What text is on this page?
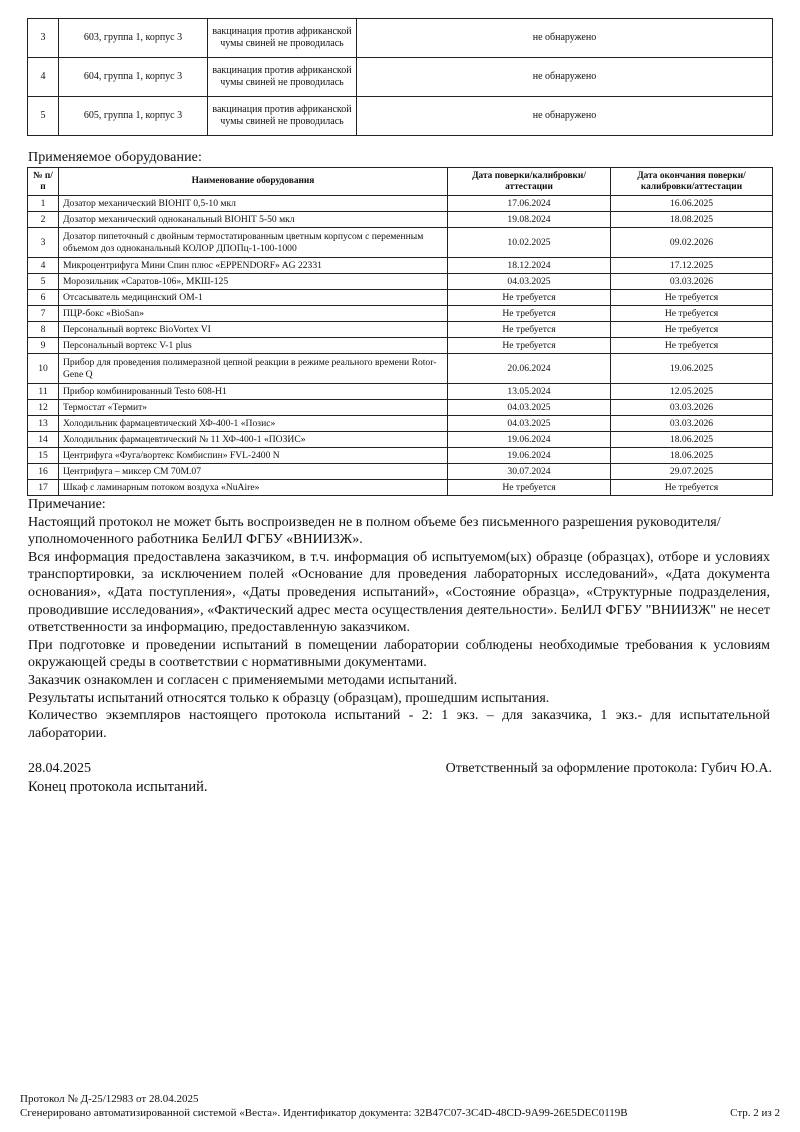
3	603, группа 1, корпус 3	вакцинация против африканской чумы свиней не проводилась	не обнаружено
4	604, группа 1, корпус 3	вакцинация против африканской чумы свиней не проводилась	не обнаружено
5	605, группа 1, корпус 3	вакцинация против африканской чумы свиней не проводилась	не обнаружено
Применяемое оборудование:
№ п/п	Наименование оборудования	Дата поверки/калибровки/аттестации	Дата окончания поверки/калибровки/аттестации
1	Дозатор механический BIOHIT 0,5-10 мкл	17.06.2024	16.06.2025
2	Дозатор механический одноканальный BIOHIT 5-50 мкл	19.08.2024	18.08.2025
3	Дозатор пипеточный с двойным термостатированным цветным корпусом с переменным объемом доз одноканальный КОЛОР ДПОПц-1-100-1000	10.02.2025	09.02.2026
4	Микроцентрифуга Мини Спин плюс «EPPENDORF» AG 22331	18.12.2024	17.12.2025
5	Морозильник «Саратов-106», МКШ-125	04.03.2025	03.03.2026
6	Отсасыватель медицинский ОМ-1	Не требуется	Не требуется
7	ПЦР-бокс «BioSan»	Не требуется	Не требуется
8	Персональный вортекс BioVortex VI	Не требуется	Не требуется
9	Персональный вортекс V-1 plus	Не требуется	Не требуется
10	Прибор для проведения полимеразной цепной реакции в режиме реального времени Rotor-Gene Q	20.06.2024	19.06.2025
11	Прибор комбинированный Testo 608-H1	13.05.2024	12.05.2025
12	Термостат «Термит»	04.03.2025	03.03.2026
13	Холодильник фармацевтический ХФ-400-1 «Позис»	04.03.2025	03.03.2026
14	Холодильник фармацевтический № 11 ХФ-400-1 «ПОЗИС»	19.06.2024	18.06.2025
15	Центрифуга «Фуга/вортекс Комбиспин» FVL-2400 N	19.06.2024	18.06.2025
16	Центрифуга – миксер СМ 70М.07	30.07.2024	29.07.2025
17	Шкаф с ламинарным потоком воздуха «NuAire»	Не требуется	Не требуется

Примечание:

Настоящий протокол не может быть воспроизведен не в полном объеме без письменного разрешения руководителя/уполномоченного работника БелИЛ ФГБУ «ВНИИЗЖ».

Вся информация предоставлена заказчиком, в т.ч. информация об испытуемом(ых) образце (образцах), отборе и условиях транспортировки, за исключением полей «Основание для проведения лабораторных исследований», «Дата документа основания», «Дата поступления», «Даты проведения испытаний», «Состояние образца», «Структурные подразделения, проводившие исследования», «Фактический адрес места осуществления деятельности». БелИЛ ФГБУ "ВНИИЗЖ" не несет ответственности за информацию, предоставленную заказчиком.

При подготовке и проведении испытаний в помещении лаборатории соблюдены необходимые требования к условиям окружающей среды в соответствии с нормативными документами.

Заказчик ознакомлен и согласен с применяемыми методами испытаний.

Результаты испытаний относятся только к образцу (образцам), прошедшим испытания.

Количество экземпляров настоящего протокола испытаний - 2: 1 экз. – для заказчика, 1 экз.- для испытательной лаборатории.

28.04.2025	Ответственный за оформление протокола: Губич Ю.А.
Конец протокола испытаний.
Протокол № Д-25/12983 от 28.04.2025
Сгенерировано автоматизированной системой «Веста». Идентификатор документа: 32B47C07-3C4D-48CD-9A99-26E5DEC0119B	Стр. 2 из 2
